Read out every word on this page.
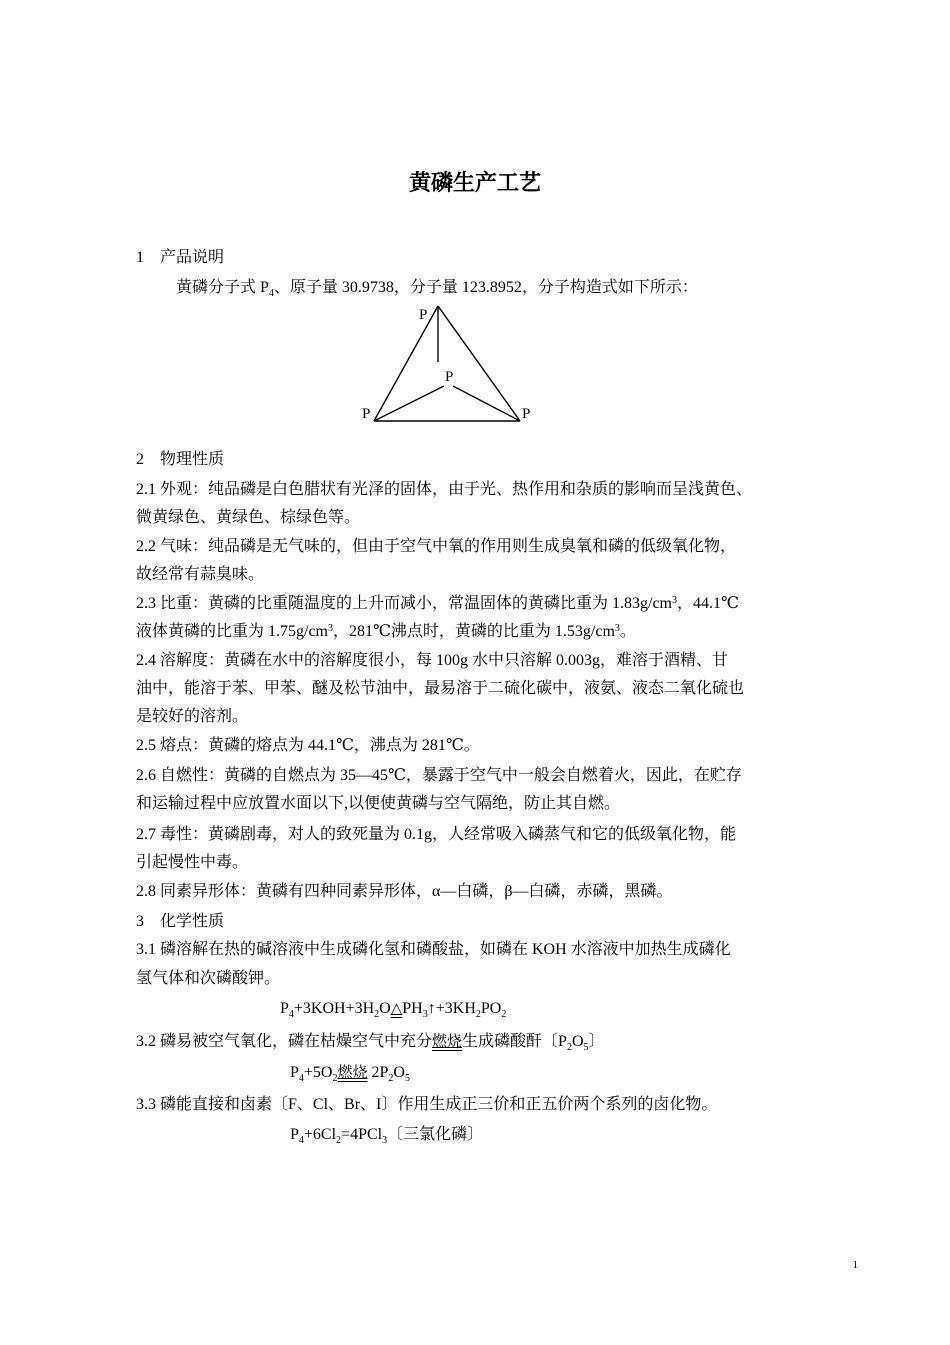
黄磷生产工艺
1　产品说明
黄磷分子式 $P_4$、原子量 30.9738，分子量 123.8952，分子构造式如下所示：
P
P
P	P
2　物理性质
2.1 外观：纯品磷是白色腊状有光泽的固体，由于光、热作用和杂质的影响而呈浅黄色、
微黄绿色、黄绿色、棕绿色等。
2.2 气味：纯品磷是无气味的，但由于空气中氧的作用则生成臭氧和磷的低级氧化物，
故经常有蒜臭味。
2.3 比重：黄磷的比重随温度的上升而减小，常温固体的黄磷比重为 $1.83g/cm^3$，44.1℃
液体黄磷的比重为 $1.75g/cm^3$，281℃沸点时，黄磷的比重为 $1.53g/cm^3$。
2.4 溶解度：黄磷在水中的溶解度很小，每 100g 水中只溶解 0.003g，难溶于酒精、甘
油中，能溶于苯、甲苯、醚及松节油中，最易溶于二硫化碳中，液氨、液态二氧化硫也
是较好的溶剂。
2.5 熔点：黄磷的熔点为 44.1℃，沸点为 281℃。
2.6 自燃性：黄磷的自燃点为 35—45℃，暴露于空气中一般会自燃着火，因此，在贮存
和运输过程中应放置水面以下,以便使黄磷与空气隔绝，防止其自燃。
2.7 毒性：黄磷剧毒，对人的致死量为 0.1g，人经常吸入磷蒸气和它的低级氧化物，能
引起慢性中毒。
2.8 同素异形体：黄磷有四种同素异形体，α—白磷，β—白磷，赤磷，黑磷。
3　化学性质
3.1 磷溶解在热的碱溶液中生成磷化氢和磷酸盐，如磷在 KOH 水溶液中加热生成磷化
氢气体和次磷酸钾。
$P_4+3KOH+3H_2O\triangle PH_3↑+3KH_2PO_2$
3.2 磷易被空气氧化，磷在枯燥空气中充分燃烧生成磷酸酐〔$P_2O_5$〕
$P_4+5O_2$燃烧 $2P_2O_5$
3.3 磷能直接和卤素〔F、Cl、Br、I〕作用生成正三价和正五价两个系列的卤化物。
$P_4+6Cl_2=4PCl_3$〔三氯化磷〕
1
